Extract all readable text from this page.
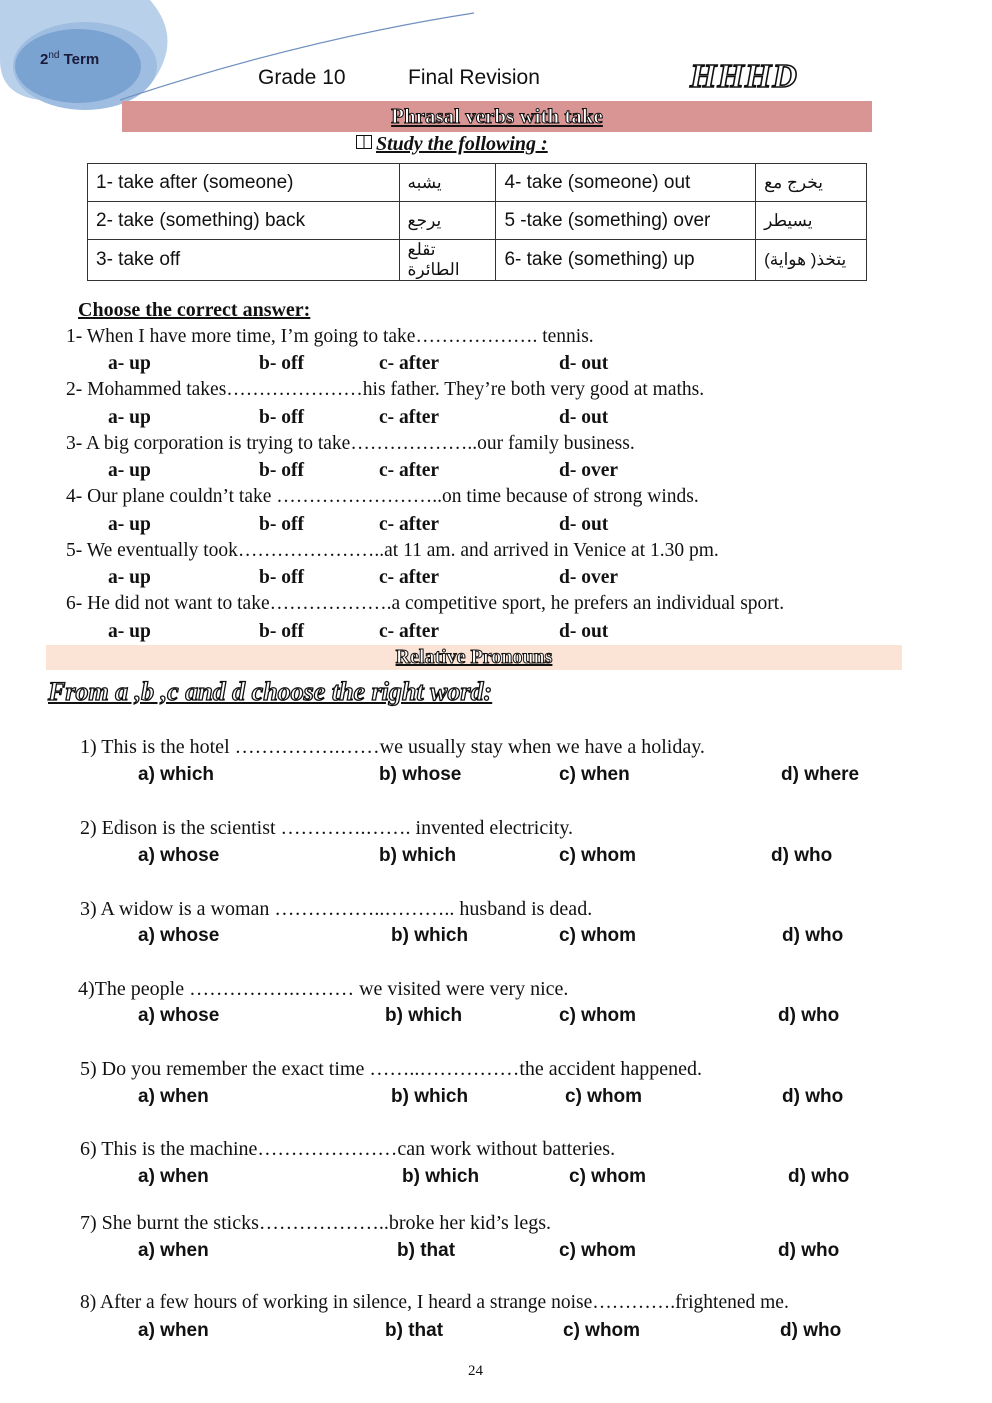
2nd Term
Grade 10	Final Revision	HHHD
Phrasal verbs with take
Study the following :
1- take after (someone)	يشبه	4- take (someone) out	يخرج مع
2- take (something) back	يرجع	5 -take (something) over	يسيطر
3- take off	تقلع الطائرة	6- take (something) up	يتخذ( هواية)
Choose the correct answer:
1- When I have more time, I’m going to take………………. tennis.
a- up	b- off	c- after	d- out
2- Mohammed takes…………………his father. They’re both very good at maths.
a- up	b- off	c- after	d- out
3- A big corporation is trying to take………………..our family business.
a- up	b- off	c- after	d- over
4- Our plane couldn’t take ……………………..on time because of strong winds.
a- up	b- off	c- after	d- out
5- We eventually took…………………..at 11 am. and arrived in Venice at 1.30 pm.
a- up	b- off	c- after	d- over
6- He did not want to take……………….a competitive sport, he prefers an individual sport.
a- up	b- off	c- after	d- out
Relative Pronouns
From a ,b ,c and d choose the right word:
1) This is the hotel …………….……we usually stay when we have a holiday.
a) which	b) whose	c) when	d) where
2) Edison is the scientist ………….……. invented electricity.
a) whose	b) which	c) whom	d) who
3) A widow is a woman ……………..……….. husband is dead.
a) whose	b) which	c) whom	d) who
4)The people …………….……… we visited were very nice.
a) whose	b) which	c) whom	d) who
5) Do you remember the exact time ……..……………the accident happened.
a) when	b) which	c) whom	d) who
6) This is the machine…………………can work without batteries.
a) when	b) which	c) whom	d) who
7) She burnt the sticks………………..broke her kid’s legs.
a) when	b) that	c) whom	d) who
8) After a few hours of working in silence, I heard a strange noise………….frightened me.
a) when	b) that	c) whom	d) who
24
